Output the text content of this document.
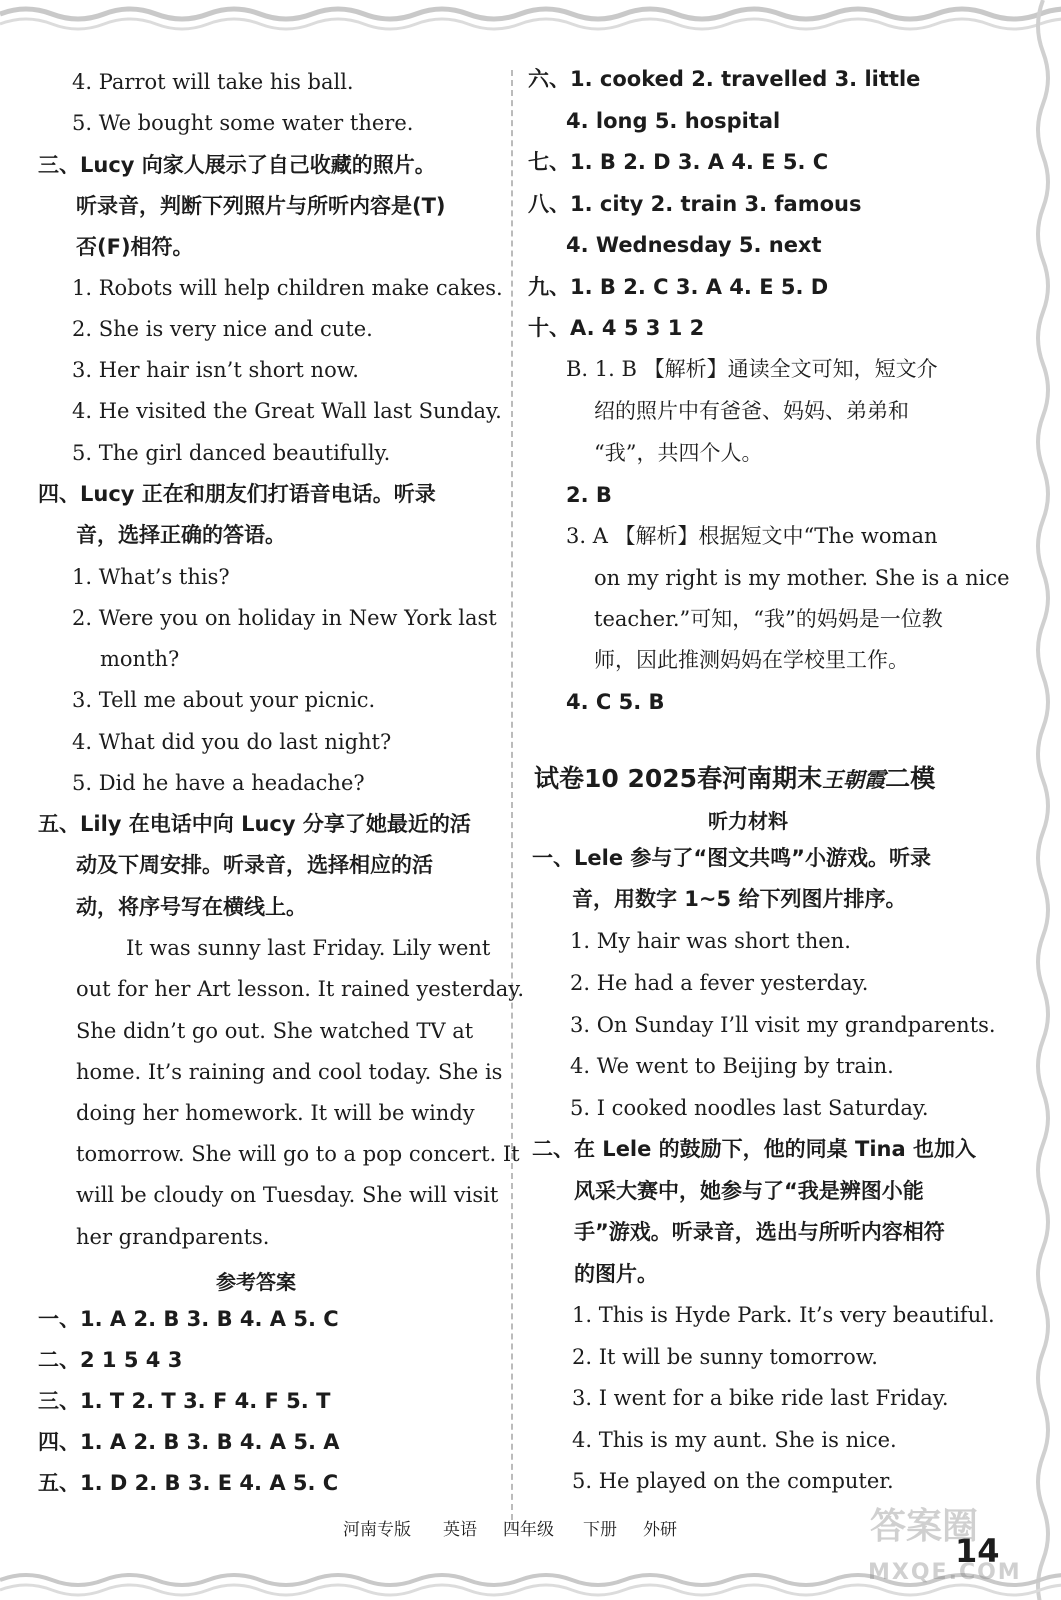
4. Parrot will take his ball.
5. We bought some water there.
三、Lucy 向家人展示了自己收藏的照片。
听录音，判断下列照片与所听内容是(T)
否(F)相符。
1. Robots will help children make cakes.
2. She is very nice and cute.
3. Her hair isn’t short now.
4. He visited the Great Wall last Sunday.
5. The girl danced beautifully.
四、Lucy 正在和朋友们打语音电话。听录
音，选择正确的答语。
1. What’s this?
2. Were you on holiday in New York last
month?
3. Tell me about your picnic.
4. What did you do last night?
5. Did he have a headache?
五、Lily 在电话中向 Lucy 分享了她最近的活
动及下周安排。听录音，选择相应的活
动，将序号写在横线上。
It was sunny last Friday. Lily went
out for her Art lesson. It rained yesterday.
She didn’t go out. She watched TV at
home. It’s raining and cool today. She is
doing her homework. It will be windy
tomorrow. She will go to a pop concert. It
will be cloudy on Tuesday. She will visit
her grandparents.
参考答案
一、1. A 2. B 3. B 4. A 5. C
二、2 1 5 4 3
三、1. T 2. T 3. F 4. F 5. T
四、1. A 2. B 3. B 4. A 5. A
五、1. D 2. B 3. E 4. A 5. C
六、1. cooked 2. travelled 3. little
4. long 5. hospital
七、1. B 2. D 3. A 4. E 5. C
八、1. city 2. train 3. famous
4. Wednesday 5. next
九、1. B 2. C 3. A 4. E 5. D
十、A. 4 5 3 1 2
B. 1. B 【解析】通读全文可知，短文介
绍的照片中有爸爸、妈妈、弟弟和
“我”，共四个人。
2. B
3. A 【解析】根据短文中“The woman
on my right is my mother. She is a nice
teacher.”可知，“我”的妈妈是一位教
师，因此推测妈妈在学校里工作。
4. C 5. B
试卷10 2025春河南期末王朝霞二模
听力材料
一、Lele 参与了“图文共鸣”小游戏。听录
音，用数字 1~5 给下列图片排序。
1. My hair was short then.
2. He had a fever yesterday.
3. On Sunday I’ll visit my grandparents.
4. We went to Beijing by train.
5. I cooked noodles last Saturday.
二、在 Lele 的鼓励下，他的同桌 Tina 也加入
风采大赛中，她参与了“我是辨图小能
手”游戏。听录音，选出与所听内容相符
的图片。
1. This is Hyde Park. It’s very beautiful.
2. It will be sunny tomorrow.
3. I went for a bike ride last Friday.
4. This is my aunt. She is nice.
5. He played on the computer.
河南专版 英语 四年级 下册 外研
14
答案圈
MXQE.COM
